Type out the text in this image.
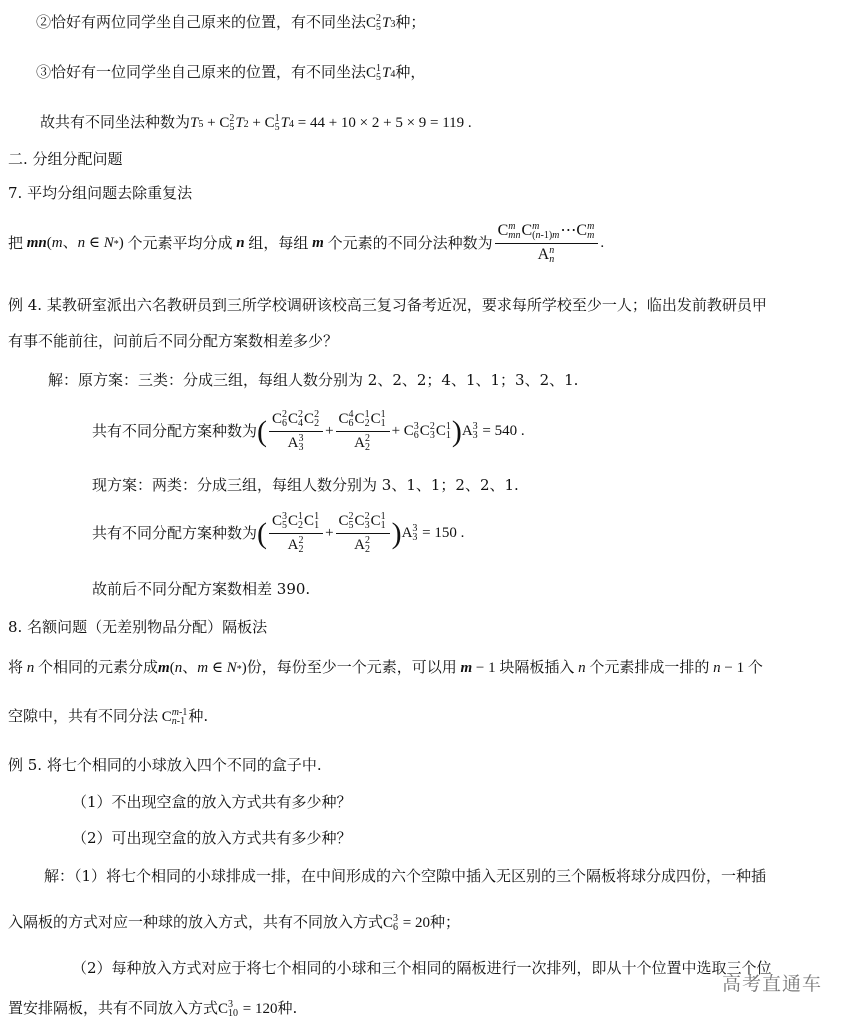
②恰好有两位同学坐自己原来的位置，有不同坐法C 2
5 T3种；
③恰好有一位同学坐自己原来的位置，有不同坐法C 1
5 T4种，
故共有不同坐法种数为T5 + C 2
5 T2 + C 1
5 T4 = 44 + 10 × 2 + 5 × 9 = 119 .
二. 分组分配问题
7. 平均分组问题去除重复法
把 mn(m、n ∈ N*) 个元素平均分成 n 组，每组 m 个元素的不同分法种数为 C m
mn C m
(n-1)m ⋯C m
m
A n
n .
例 4. 某教研室派出六名教研员到三所学校调研该校高三复习备考近况，要求每所学校至少一人；临出发前教研员甲
有事不能前往，问前后不同分配方案数相差多少？
解：原方案：三类：分成三组，每组人数分别为 2、2、2；4、1、1；3、2、1.
共有不同分配方案种数为 ( C 2
6 C 2
4 C 2
2
A 3
3 + C 4
6 C 1
2 C 1
1
A 2
2 + C 3
6 C 2
3 C 1
1 ) A 3
3
= 540 .
现方案：两类：分成三组，每组人数分别为 3、1、1；2、2、1.
共有不同分配方案种数为 ( C 3
5 C 1
2 C 1
1
A 2
2 + C 2
5 C 2
3 C 1
1
A 2
2 ) A 3
3
= 150 .
故前后不同分配方案数相差 390.
8. 名额问题（无差别物品分配）隔板法
将 n 个相同的元素分成m(n、m ∈ N*)份，每份至少一个元素，可以用 m − 1 块隔板插入 n 个元素排成一排的 n − 1 个
空隙中，共有不同分法 C m-1
n-1 种.
例 5. 将七个相同的小球放入四个不同的盒子中.
（1）不出现空盒的放入方式共有多少种？
（2）可出现空盒的放入方式共有多少种？
解：（1）将七个相同的小球排成一排，在中间形成的六个空隙中插入无区别的三个隔板将球分成四份，一种插
入隔板的方式对应一种球的放入方式，共有不同放入方式C 3
6 = 20种；
（2）每种放入方式对应于将七个相同的小球和三个相同的隔板进行一次排列，即从十个位置中选取三个位
置安排隔板，共有不同放入方式C 3
10 = 120种.
高考直通车
